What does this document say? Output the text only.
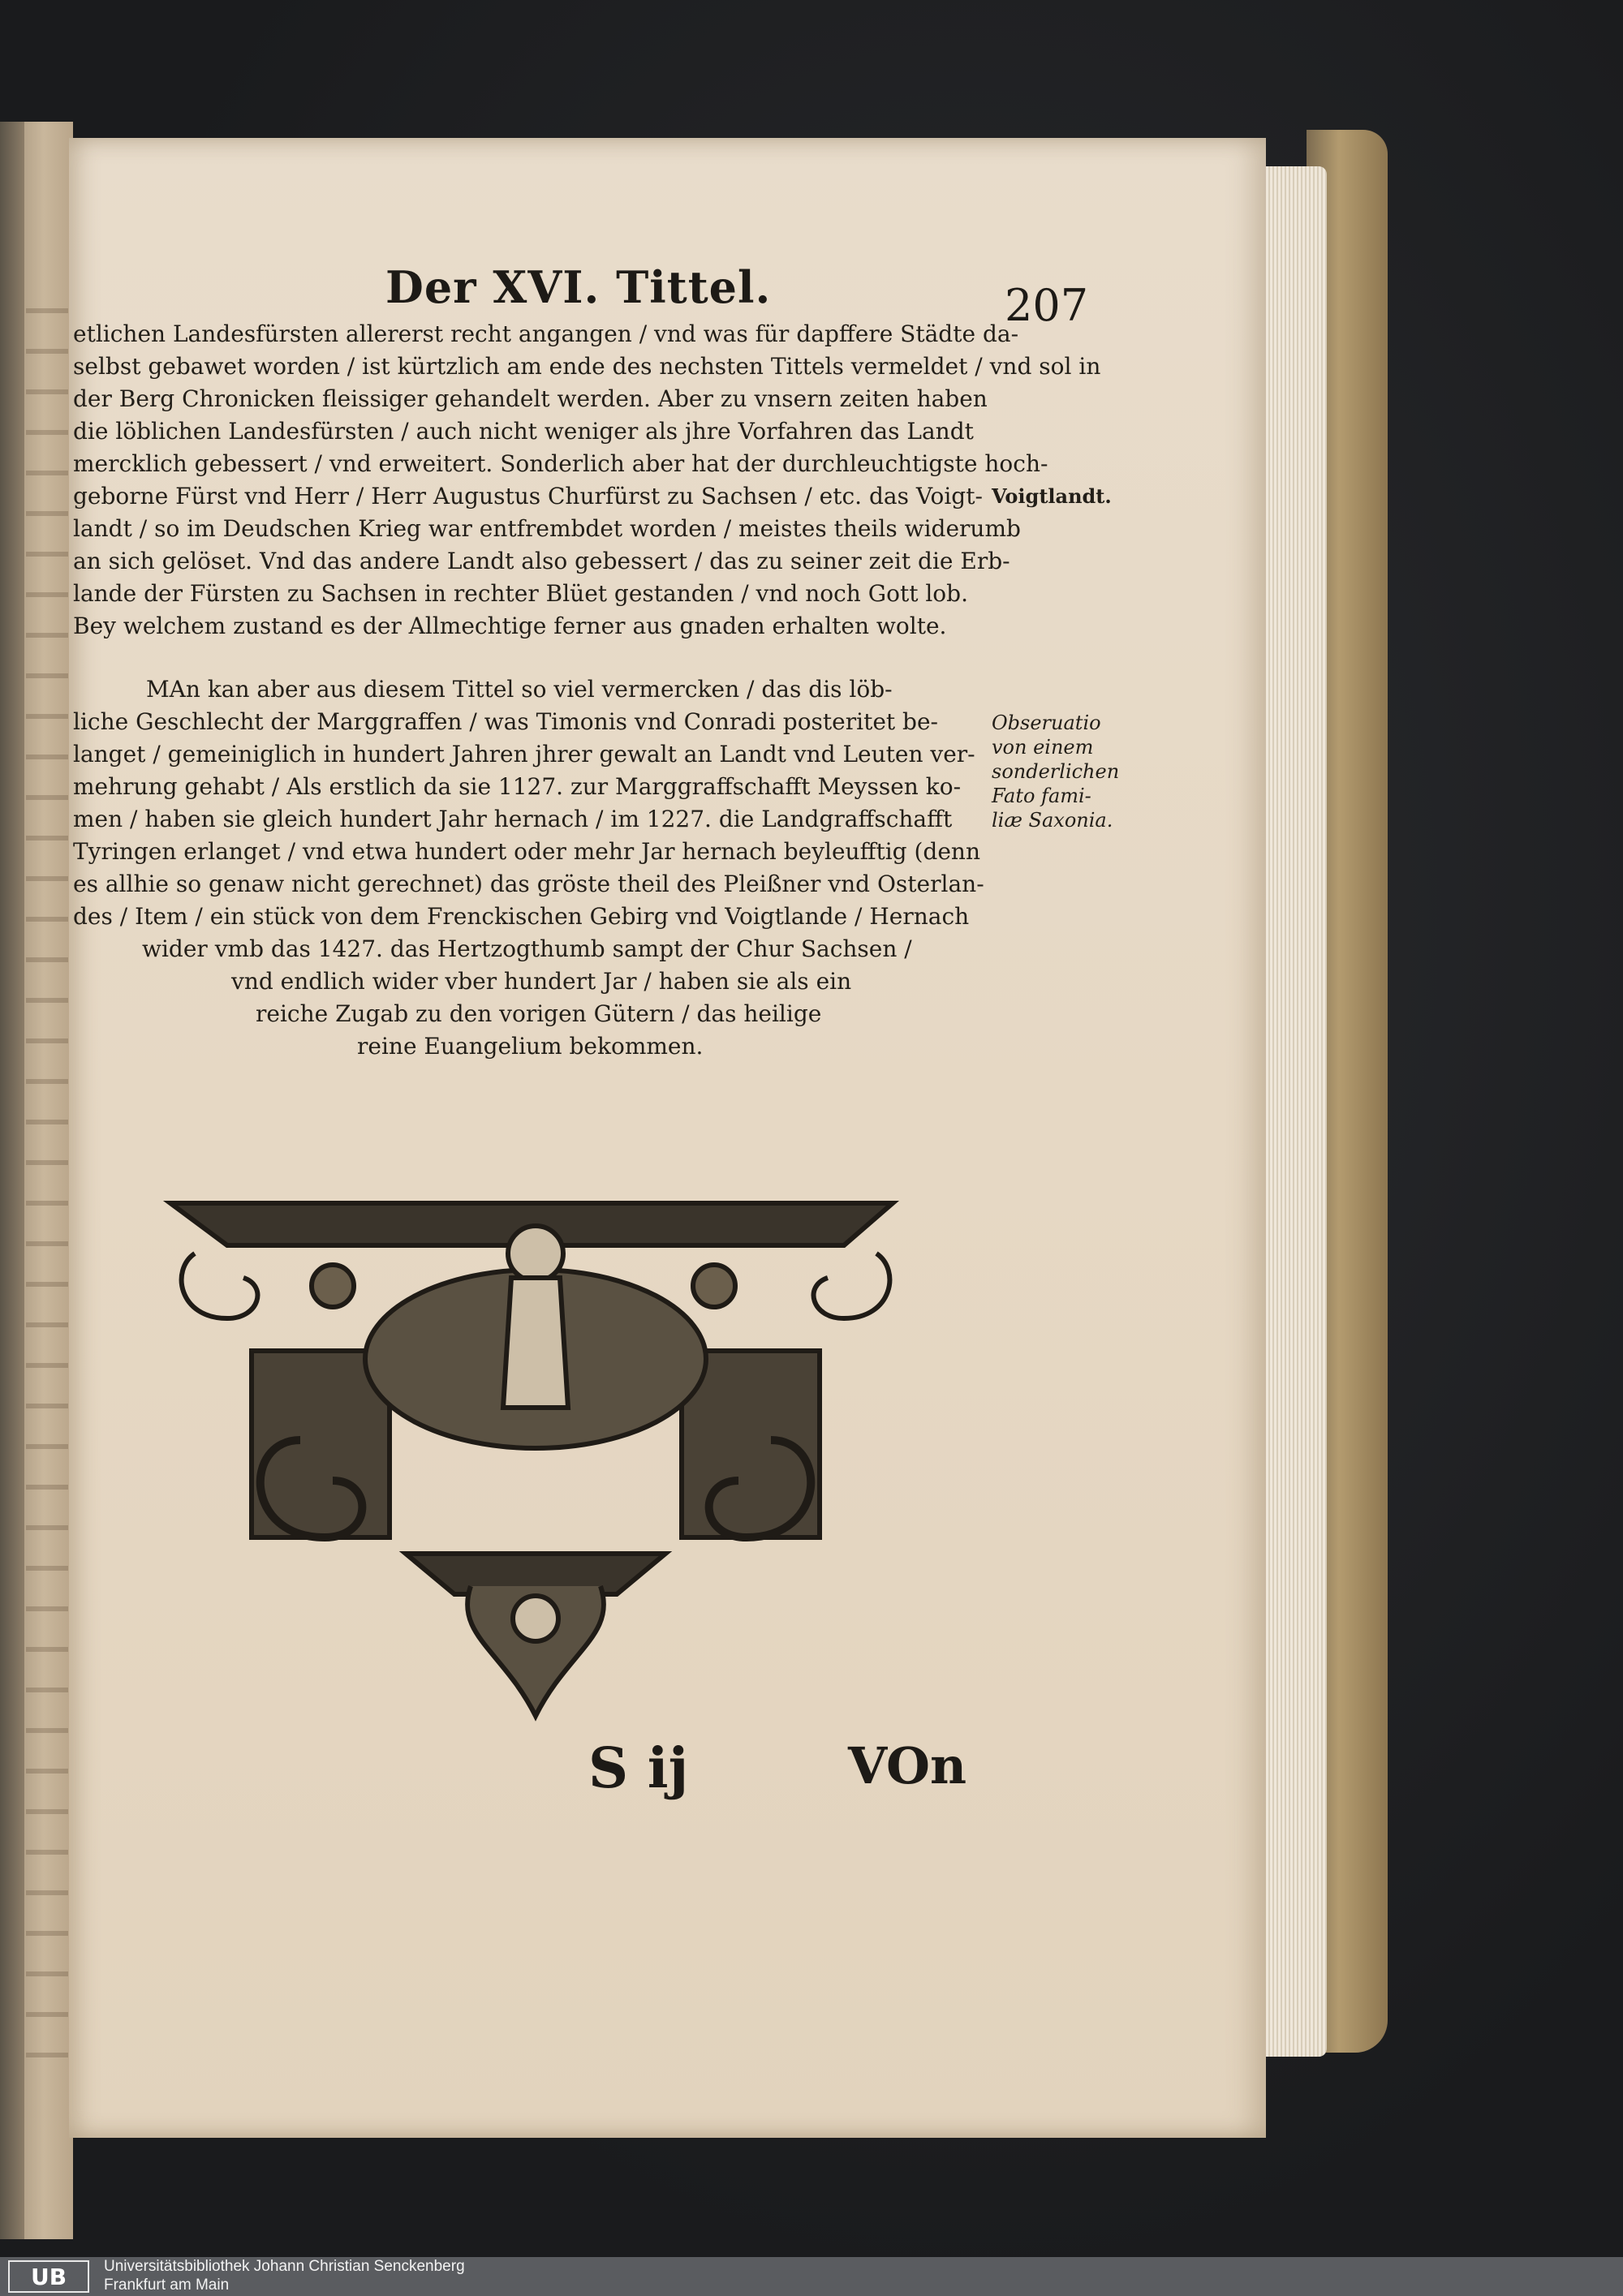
Der XVI. Tittel.	207
etlichen Landesfürsten allererst recht angangen / vnd was für dapffere Städte da-
selbst gebawet worden / ist kürtzlich am ende des nechsten Tittels vermeldet / vnd sol in
der Berg Chronicken fleissiger gehandelt werden. Aber zu vnsern zeiten haben
die löblichen Landesfürsten / auch nicht weniger als jhre Vorfahren das Landt
mercklich gebessert / vnd erweitert. Sonderlich aber hat der durchleuchtigste hoch-
geborne Fürst vnd Herr / Herr Augustus Churfürst zu Sachsen / etc. das Voigt-
landt / so im Deudschen Krieg war entfrembdet worden / meistes theils widerumb
an sich gelöset. Vnd das andere Landt also gebessert / das zu seiner zeit die Erb-
lande der Fürsten zu Sachsen in rechter Blüet gestanden / vnd noch Gott lob.
Bey welchem zustand es der Allmechtige ferner aus gnaden erhalten wolte.
MAn kan aber aus diesem Tittel so viel vermercken / das dis löb-
liche Geschlecht der Marggraffen / was Timonis vnd Conradi posteritet be-
langet / gemeiniglich in hundert Jahren jhrer gewalt an Landt vnd Leuten ver-
mehrung gehabt / Als erstlich da sie 1127. zur Marggraffschafft Meyssen ko-
men / haben sie gleich hundert Jahr hernach / im 1227. die Landgraffschafft
Tyringen erlanget / vnd etwa hundert oder mehr Jar hernach beyleufftig (denn
es allhie so genaw nicht gerechnet) das gröste theil des Pleißner vnd Osterlan-
des / Item / ein stück von dem Frenckischen Gebirg vnd Voigtlande / Hernach
wider vmb das 1427. das Hertzogthumb sampt der Chur Sachsen /
vnd endlich wider vber hundert Jar / haben sie als ein
reiche Zugab zu den vorigen Gütern / das heilige
reine Euangelium bekommen.
Voigtlandt.
Obseruatio
von einem
sonderlichen
Fato fami-
liæ Saxonia.
S ij	VOn
UB	Universitätsbibliothek Johann Christian Senckenberg
Frankfurt am Main
